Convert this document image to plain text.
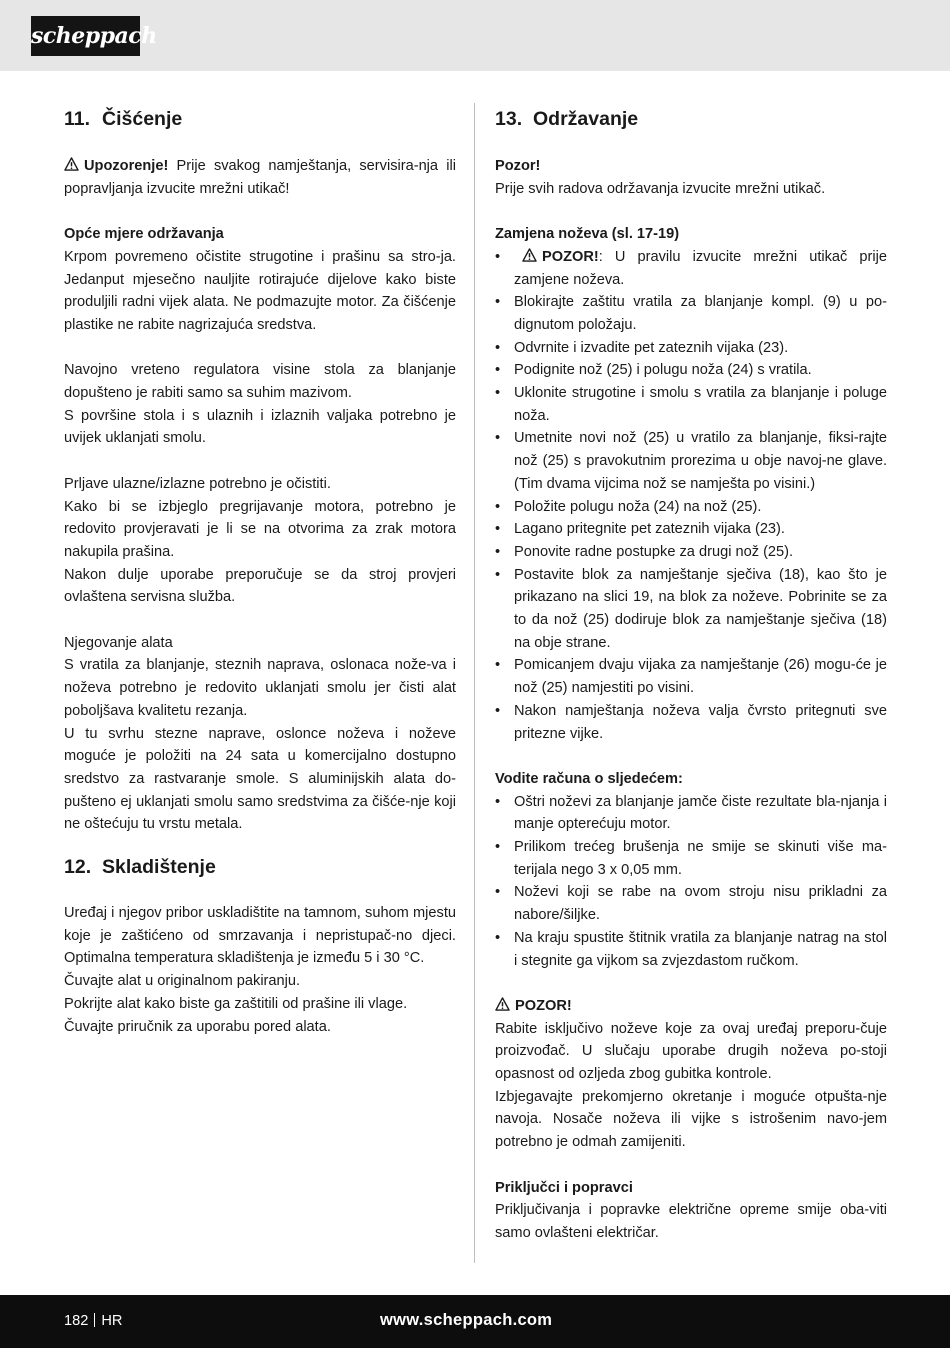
scheppach
11. Čišćenje

Upozorenje! Prije svakog namještanja, servisira-nja ili popravljanja izvucite mrežni utikač!

Opće mjere održavanja
Krpom povremeno očistite strugotine i prašinu sa stro-ja. Jedanput mjesečno nauljite rotirajuće dijelove kako biste produljili radni vijek alata. Ne podmazujte motor. Za čišćenje plastike ne rabite nagrizajuća sredstva.

Navojno vreteno regulatora visine stola za blanjanje dopušteno je rabiti samo sa suhim mazivom.

S površine stola i s ulaznih i izlaznih valjaka potrebno je uvijek uklanjati smolu.

Prljave ulazne/izlazne potrebno je očistiti.

Kako bi se izbjeglo pregrijavanje motora, potrebno je redovito provjeravati je li se na otvorima za zrak motora nakupila prašina.

Nakon dulje uporabe preporučuje se da stroj provjeri ovlaštena servisna služba.

Njegovanje alata

S vratila za blanjanje, steznih naprava, oslonaca nože-va i noževa potrebno je redovito uklanjati smolu jer čisti alat poboljšava kvalitetu rezanja.

U tu svrhu stezne naprave, oslonce noževa i noževe moguće je položiti na 24 sata u komercijalno dostupno sredstvo za rastvaranje smole. S aluminijskih alata do-pušteno ej uklanjati smolu samo sredstvima za čišće-nje koji ne oštećuju tu vrstu metala.

12. Skladištenje

Uređaj i njegov pribor uskladištite na tamnom, suhom mjestu koje je zaštićeno od smrzavanja i nepristupač-no djeci. Optimalna temperatura skladištenja je između 5 i 30 °C.

Čuvajte alat u originalnom pakiranju.

Pokrijte alat kako biste ga zaštitili od prašine ili vlage.

Čuvajte priručnik za uporabu pored alata.

13. Održavanje

Pozor!
Prije svih radova održavanja izvucite mrežni utikač.

Zamjena noževa (sl. 17-19)

• POZOR!: U pravilu izvucite mrežni utikač prije zamjene noževa.
• Blokirajte zaštitu vratila za blanjanje kompl. (9) u po-dignutom položaju.
• Odvrnite i izvadite pet zateznih vijaka (23).
• Podignite nož (25) i polugu noža (24) s vratila.
• Uklonite strugotine i smolu s vratila za blanjanje i poluge noža.
• Umetnite novi nož (25) u vratilo za blanjanje, fiksi-rajte nož (25) s pravokutnim prorezima u obje navoj-ne glave. (Tim dvama vijcima nož se namješta po visini.)
• Položite polugu noža (24) na nož (25).
• Lagano pritegnite pet zateznih vijaka (23).
• Ponovite radne postupke za drugi nož (25).
• Postavite blok za namještanje sječiva (18), kao što je prikazano na slici 19, na blok za noževe. Pobrinite se za to da nož (25) dodiruje blok za namještanje sječiva (18) na obje strane.
• Pomicanjem dvaju vijaka za namještanje (26) mogu-će je nož (25) namjestiti po visini.
• Nakon namještanja noževa valja čvrsto pritegnuti sve pritezne vijke.

Vodite računa o sljedećem:

• Oštri noževi za blanjanje jamče čiste rezultate bla-njanja i manje opterećuju motor.
• Prilikom trećeg brušenja ne smije se skinuti više ma-terijala nego 3 x 0,05 mm.
• Noževi koji se rabe na ovom stroju nisu prikladni za nabore/šiljke.
• Na kraju spustite štitnik vratila za blanjanje natrag na stol i stegnite ga vijkom sa zvjezdastom ručkom.

POZOR!

Rabite isključivo noževe koje za ovaj uređaj preporu-čuje proizvođač. U slučaju uporabe drugih noževa po-stoji opasnost od ozljeda zbog gubitka kontrole.

Izbjegavajte prekomjerno okretanje i moguće otpušta-nje navoja. Nosače noževa ili vijke s istrošenim navo-jem potrebno je odmah zamijeniti.

Priključci i popravci

Priključivanja i popravke električne opreme smije oba-viti samo ovlašteni električar.

182 HR	www.scheppach.com
